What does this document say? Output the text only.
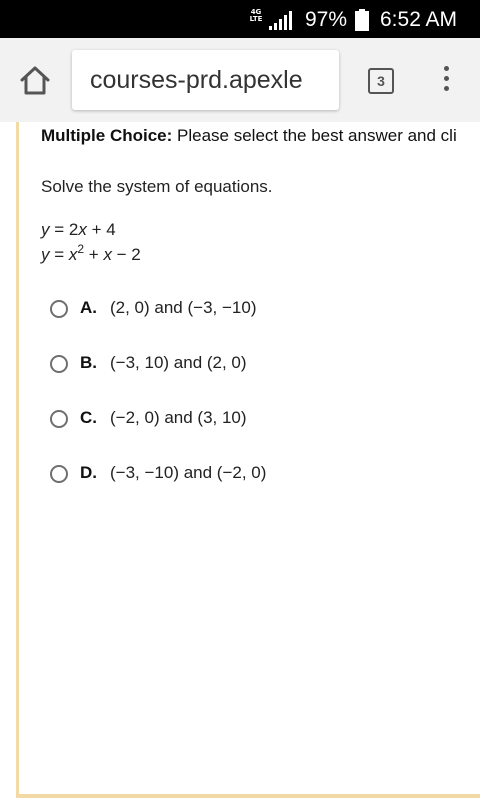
4G
LTE 97% 6:52 AM
courses-prd.apexle	3
Multiple Choice: Please select the best answer and cli
Solve the system of equations.
y = 2x + 4
$y = x^2 + x - 2$
A. (2, 0) and (−3, −10)
B. (−3, 10) and (2, 0)
C. (−2, 0) and (3, 10)
D. (−3, −10) and (−2, 0)
